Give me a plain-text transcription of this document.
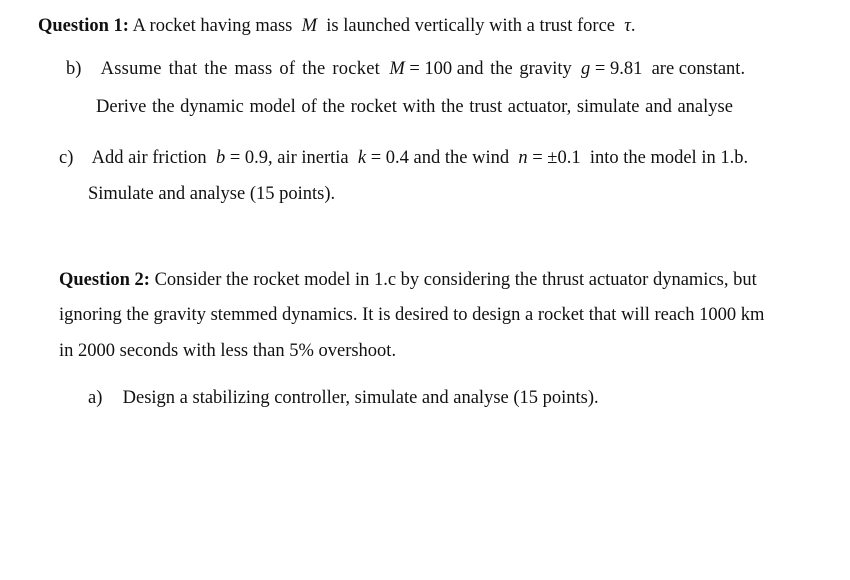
Question 1: A rocket having mass M is launched vertically with a trust force τ.
b) Assume that the mass of the rocket M = 100 and the gravity g = 9.81 are constant.
Derive the dynamic model of the rocket with the trust actuator, simulate and analyse
c) Add air friction b = 0.9, air inertia k = 0.4 and the wind n = ±0.1 into the model in 1.b.
Simulate and analyse (15 points).
Question 2: Consider the rocket model in 1.c by considering the thrust actuator dynamics, but
ignoring the gravity stemmed dynamics. It is desired to design a rocket that will reach 1000 km
in 2000 seconds with less than 5% overshoot.
a) Design a stabilizing controller, simulate and analyse (15 points).
